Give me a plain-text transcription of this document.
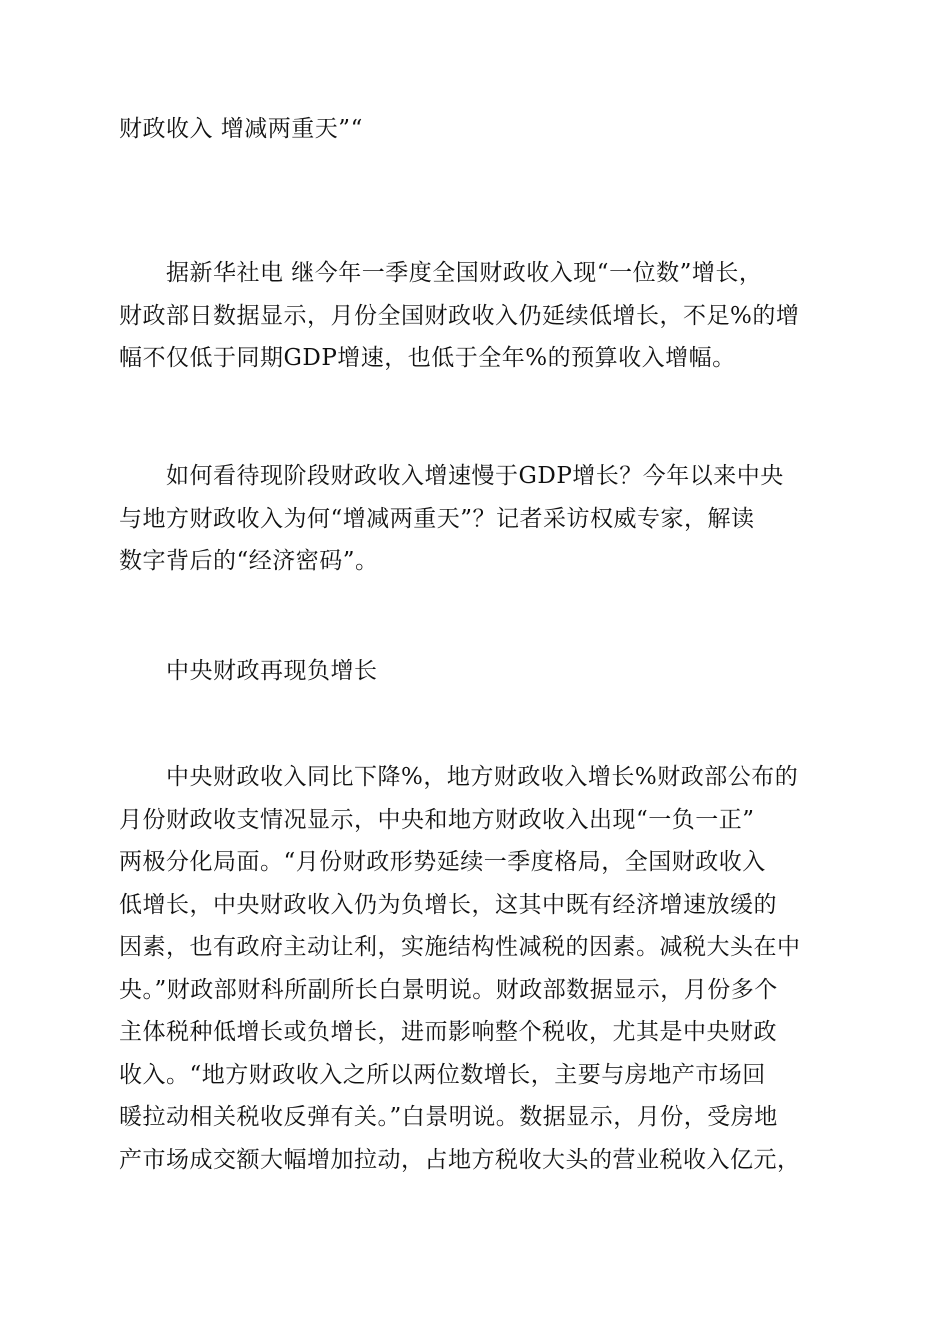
财政收入 增减两重天”“

据新华社电 继今年一季度全国财政收入现“一位数”增长，
财政部日数据显示，月份全国财政收入仍延续低增长，不足%的增
幅不仅低于同期GDP增速，也低于全年%的预算收入增幅。

如何看待现阶段财政收入增速慢于GDP增长？今年以来中央
与地方财政收入为何“增减两重天”？记者采访权威专家，解读
数字背后的“经济密码”。

中央财政再现负增长

中央财政收入同比下降%，地方财政收入增长%财政部公布的
月份财政收支情况显示，中央和地方财政收入出现“一负一正”
两极分化局面。“月份财政形势延续一季度格局，全国财政收入
低增长，中央财政收入仍为负增长，这其中既有经济增速放缓的
因素，也有政府主动让利，实施结构性减税的因素。减税大头在中
央。”财政部财科所副所长白景明说。财政部数据显示，月份多个
主体税种低增长或负增长，进而影响整个税收，尤其是中央财政
收入。“地方财政收入之所以两位数增长，主要与房地产市场回
暖拉动相关税收反弹有关。”白景明说。数据显示，月份，受房地
产市场成交额大幅增加拉动，占地方税收大头的营业税收入亿元，
